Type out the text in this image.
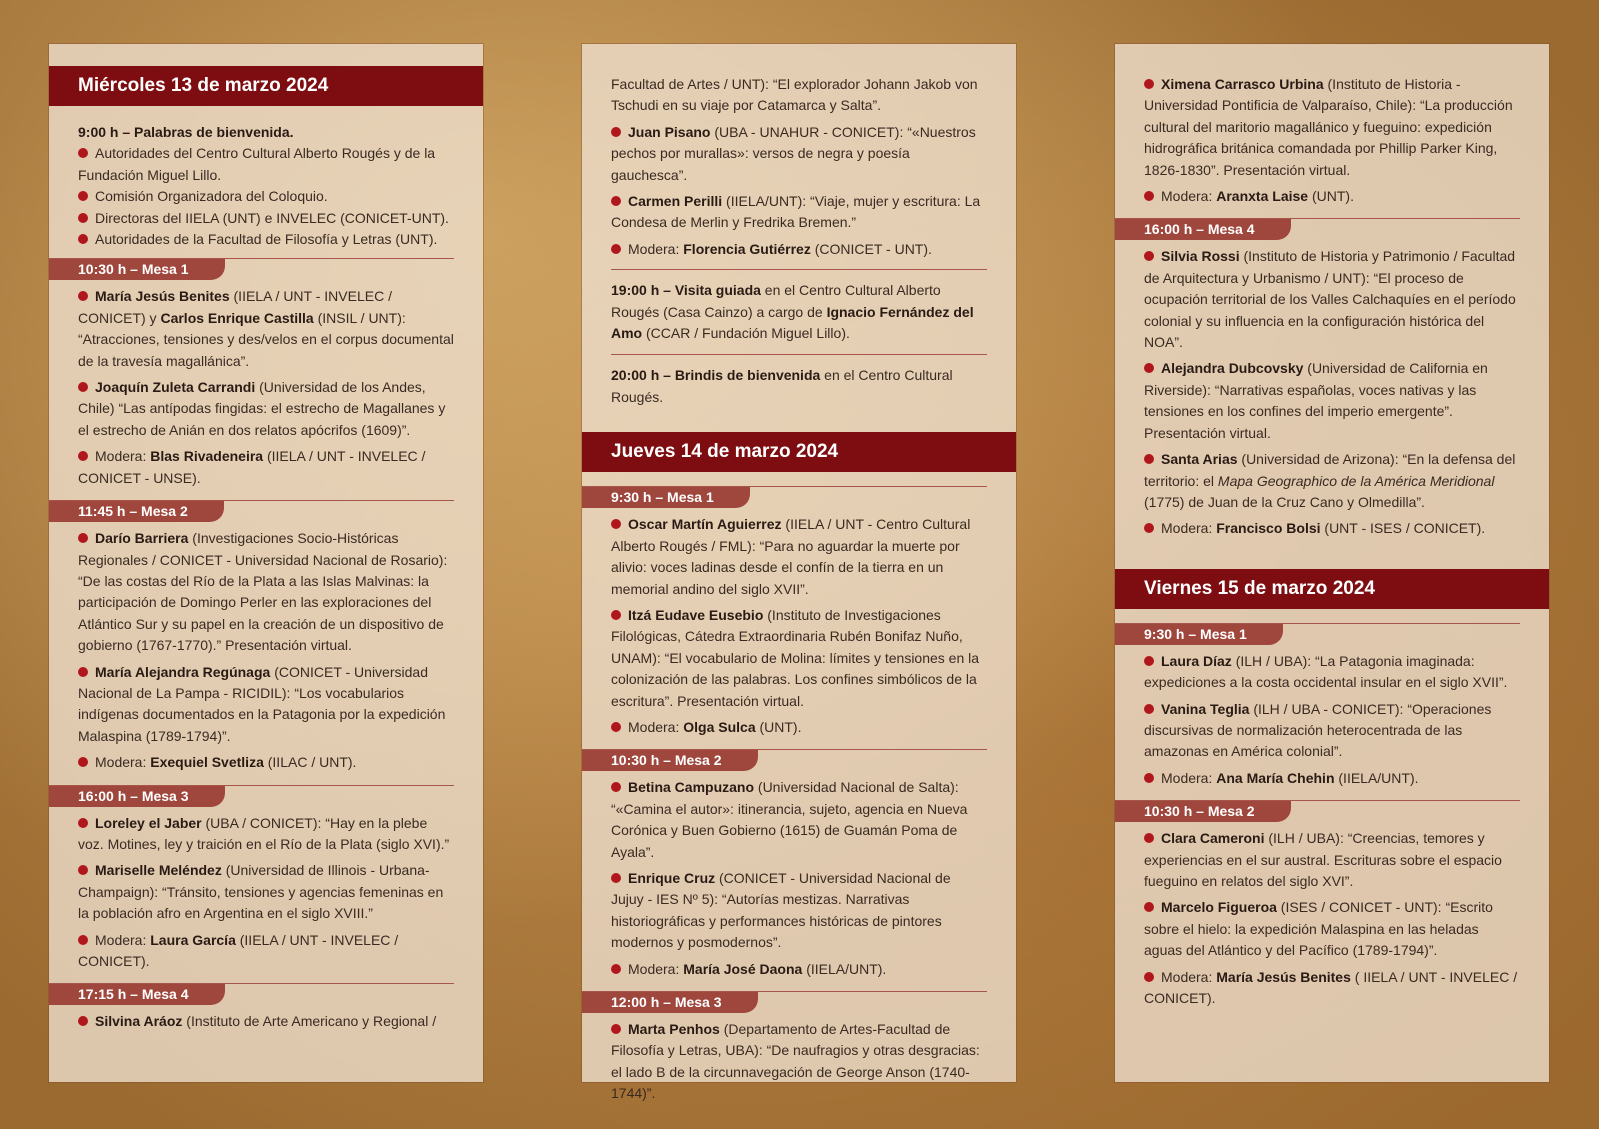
Miércoles 13 de marzo 2024
9:00 h – Palabras de bienvenida.
Autoridades del Centro Cultural Alberto Rougés y de la Fundación Miguel Lillo.
Comisión Organizadora del Coloquio.
Directoras del IIELA (UNT) e INVELEC (CONICET-UNT).
Autoridades de la Facultad de Filosofía y Letras (UNT).
10:30 h – Mesa 1
María Jesús Benites (IIELA / UNT - INVELEC / CONICET) y Carlos Enrique Castilla (INSIL / UNT): “Atracciones, tensiones y des/velos en el corpus documental de la travesía magallánica”.
Joaquín Zuleta Carrandi (Universidad de los Andes, Chile) “Las antípodas fingidas: el estrecho de Magallanes y el estrecho de Anián en dos relatos apócrifos (1609)”.
Modera: Blas Rivadeneira (IIELA / UNT - INVELEC / CONICET - UNSE).
11:45 h – Mesa 2
Darío Barriera (Investigaciones Socio-Históricas Regionales / CONICET - Universidad Nacional de Rosario): “De las costas del Río de la Plata a las Islas Malvinas: la participación de Domingo Perler en las exploraciones del Atlántico Sur y su papel en la creación de un dispositivo de gobierno (1767-1770).” Presentación virtual.
María Alejandra Regúnaga (CONICET - Universidad Nacional de La Pampa - RICIDIL): “Los vocabularios indígenas documentados en la Patagonia por la expedición Malaspina (1789-1794)”.
Modera: Exequiel Svetliza (IILAC / UNT).
16:00 h – Mesa 3
Loreley el Jaber (UBA / CONICET): “Hay en la plebe voz. Motines, ley y traición en el Río de la Plata (siglo XVI).”
Mariselle Meléndez (Universidad de Illinois - Urbana-Champaign): “Tránsito, tensiones y agencias femeninas en la población afro en Argentina en el siglo XVIII.”
Modera: Laura García (IIELA / UNT - INVELEC / CONICET).
17:15 h – Mesa 4
Silvina Aráoz (Instituto de Arte Americano y Regional /
Facultad de Artes / UNT): “El explorador Johann Jakob von Tschudi en su viaje por Catamarca y Salta”.
Juan Pisano (UBA - UNAHUR - CONICET): “«Nuestros pechos por murallas»: versos de negra y poesía gauchesca”.
Carmen Perilli (IIELA/UNT): “Viaje, mujer y escritura: La Condesa de Merlin y Fredrika Bremen.”
Modera: Florencia Gutiérrez (CONICET - UNT).
19:00 h – Visita guiada en el Centro Cultural Alberto Rougés (Casa Cainzo) a cargo de Ignacio Fernández del Amo (CCAR / Fundación Miguel Lillo).
20:00 h – Brindis de bienvenida en el Centro Cultural Rougés.
Jueves 14 de marzo 2024
9:30 h – Mesa 1
Oscar Martín Aguierrez (IIELA / UNT - Centro Cultural Alberto Rougés / FML): “Para no aguardar la muerte por alivio: voces ladinas desde el confín de la tierra en un memorial andino del siglo XVII”.
Itzá Eudave Eusebio (Instituto de Investigaciones Filológicas, Cátedra Extraordinaria Rubén Bonifaz Nuño, UNAM): “El vocabulario de Molina: límites y tensiones en la colonización de las palabras. Los confines simbólicos de la escritura”. Presentación virtual.
Modera: Olga Sulca (UNT).
10:30 h – Mesa 2
Betina Campuzano (Universidad Nacional de Salta): “«Camina el autor»: itinerancia, sujeto, agencia en Nueva Corónica y Buen Gobierno (1615) de Guamán Poma de Ayala”.
Enrique Cruz (CONICET - Universidad Nacional de Jujuy - IES Nº 5): “Autorías mestizas. Narrativas historiográficas y performances históricas de pintores modernos y posmodernos”.
Modera: María José Daona (IIELA/UNT).
12:00 h – Mesa 3
Marta Penhos (Departamento de Artes-Facultad de Filosofía y Letras, UBA): “De naufragios y otras desgracias: el lado B de la circunnavegación de George Anson (1740- 1744)”.
Ximena Carrasco Urbina (Instituto de Historia - Universidad Pontificia de Valparaíso, Chile): “La producción cultural del maritorio magallánico y fueguino: expedición hidrográfica británica comandada por Phillip Parker King, 1826-1830”. Presentación virtual.
Modera: Aranxta Laise (UNT).
16:00 h – Mesa 4
Silvia Rossi (Instituto de Historia y Patrimonio / Facultad de Arquitectura y Urbanismo / UNT): “El proceso de ocupación territorial de los Valles Calchaquíes en el período colonial y su influencia en la configuración histórica del NOA”.
Alejandra Dubcovsky (Universidad de California en Riverside): “Narrativas españolas, voces nativas y las tensiones en los confines del imperio emergente”. Presentación virtual.
Santa Arias (Universidad de Arizona): “En la defensa del territorio: el Mapa Geographico de la América Meridional (1775) de Juan de la Cruz Cano y Olmedilla”.
Modera: Francisco Bolsi (UNT - ISES / CONICET).
Viernes 15 de marzo 2024
9:30 h – Mesa 1
Laura Díaz (ILH / UBA): “La Patagonia imaginada: expediciones a la costa occidental insular en el siglo XVII”.
Vanina Teglia (ILH / UBA - CONICET): “Operaciones discursivas de normalización heterocentrada de las amazonas en América colonial”.
Modera: Ana María Chehin (IIELA/UNT).
10:30 h – Mesa 2
Clara Cameroni (ILH / UBA): “Creencias, temores y experiencias en el sur austral. Escrituras sobre el espacio fueguino en relatos del siglo XVI”.
Marcelo Figueroa (ISES / CONICET - UNT): “Escrito sobre el hielo: la expedición Malaspina en las heladas aguas del Atlántico y del Pacífico (1789-1794)”.
Modera: María Jesús Benites ( IIELA / UNT - INVELEC / CONICET).
